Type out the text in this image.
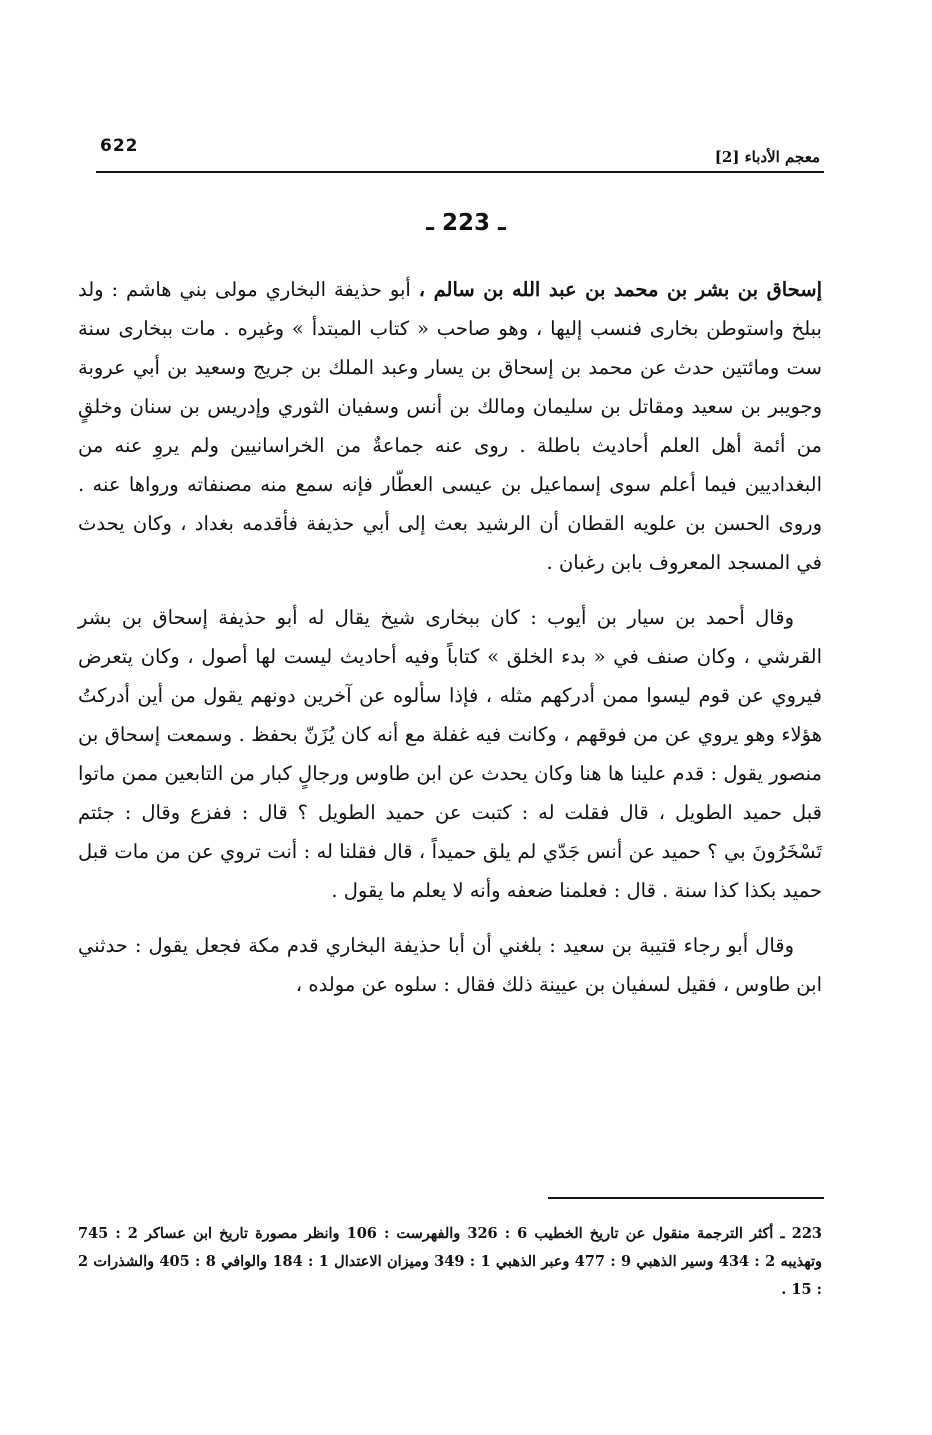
622
معجم الأدباء [2]
ـ 223 ـ

إسحاق بن بشر بن محمد بن عبد الله بن سالم ، أبو حذيفة البخاري مولى بني هاشم : ولد ببلخ واستوطن بخارى فنسب إليها ، وهو صاحب « كتاب المبتدأ » وغيره . مات ببخارى سنة ست ومائتين حدث عن محمد بن إسحاق بن يسار وعبد الملك بن جريج وسعيد بن أبي عروبة وجويبر بن سعيد ومقاتل بن سليمان ومالك بن أنس وسفيان الثوري وإدريس بن سنان وخلقٍ من أئمة أهل العلم أحاديث باطلة . روى عنه جماعةٌ من الخراسانيين ولم يروِ عنه من البغداديين فيما أعلم سوى إسماعيل بن عيسى العطّار فإنه سمع منه مصنفاته ورواها عنه . وروى الحسن بن علويه القطان أن الرشيد بعث إلى أبي حذيفة فأقدمه بغداد ، وكان يحدث في المسجد المعروف بابن رغبان .

وقال أحمد بن سيار بن أيوب : كان ببخارى شيخ يقال له أبو حذيفة إسحاق بن بشر القرشي ، وكان صنف في « بدء الخلق » كتاباً وفيه أحاديث ليست لها أصول ، وكان يتعرض فيروي عن قوم ليسوا ممن أدركهم مثله ، فإذا سألوه عن آخرين دونهم يقول من أين أدركتُ هؤلاء وهو يروي عن من فوقهم ، وكانت فيه غفلة مع أنه كان يُزَنّ بحفظ . وسمعت إسحاق بن منصور يقول : قدم علينا ها هنا وكان يحدث عن ابن طاوس ورجالٍ كبار من التابعين ممن ماتوا قبل حميد الطويل ، قال فقلت له : كتبت عن حميد الطويل ؟ قال : ففزع وقال : جئتم تَسْخَرُونَ بي ؟ حميد عن أنس جَدّي لم يلق حميداً ، قال فقلنا له : أنت تروي عن من مات قبل حميد بكذا كذا سنة . قال : فعلمنا ضعفه وأنه لا يعلم ما يقول .

وقال أبو رجاء قتيبة بن سعيد : بلغني أن أبا حذيفة البخاري قدم مكة فجعل يقول : حدثني ابن طاوس ، فقيل لسفيان بن عيينة ذلك فقال : سلوه عن مولده ،

223 ـ أكثر الترجمة منقول عن تاريخ الخطيب 6 : 326 والفهرست : 106 وانظر مصورة تاريخ ابن عساكر 2 : 745 وتهذيبه 2 : 434 وسير الذهبي 9 : 477 وعبر الذهبي 1 : 349 وميزان الاعتدال 1 : 184 والوافي 8 : 405 والشذرات 2 : 15 .
